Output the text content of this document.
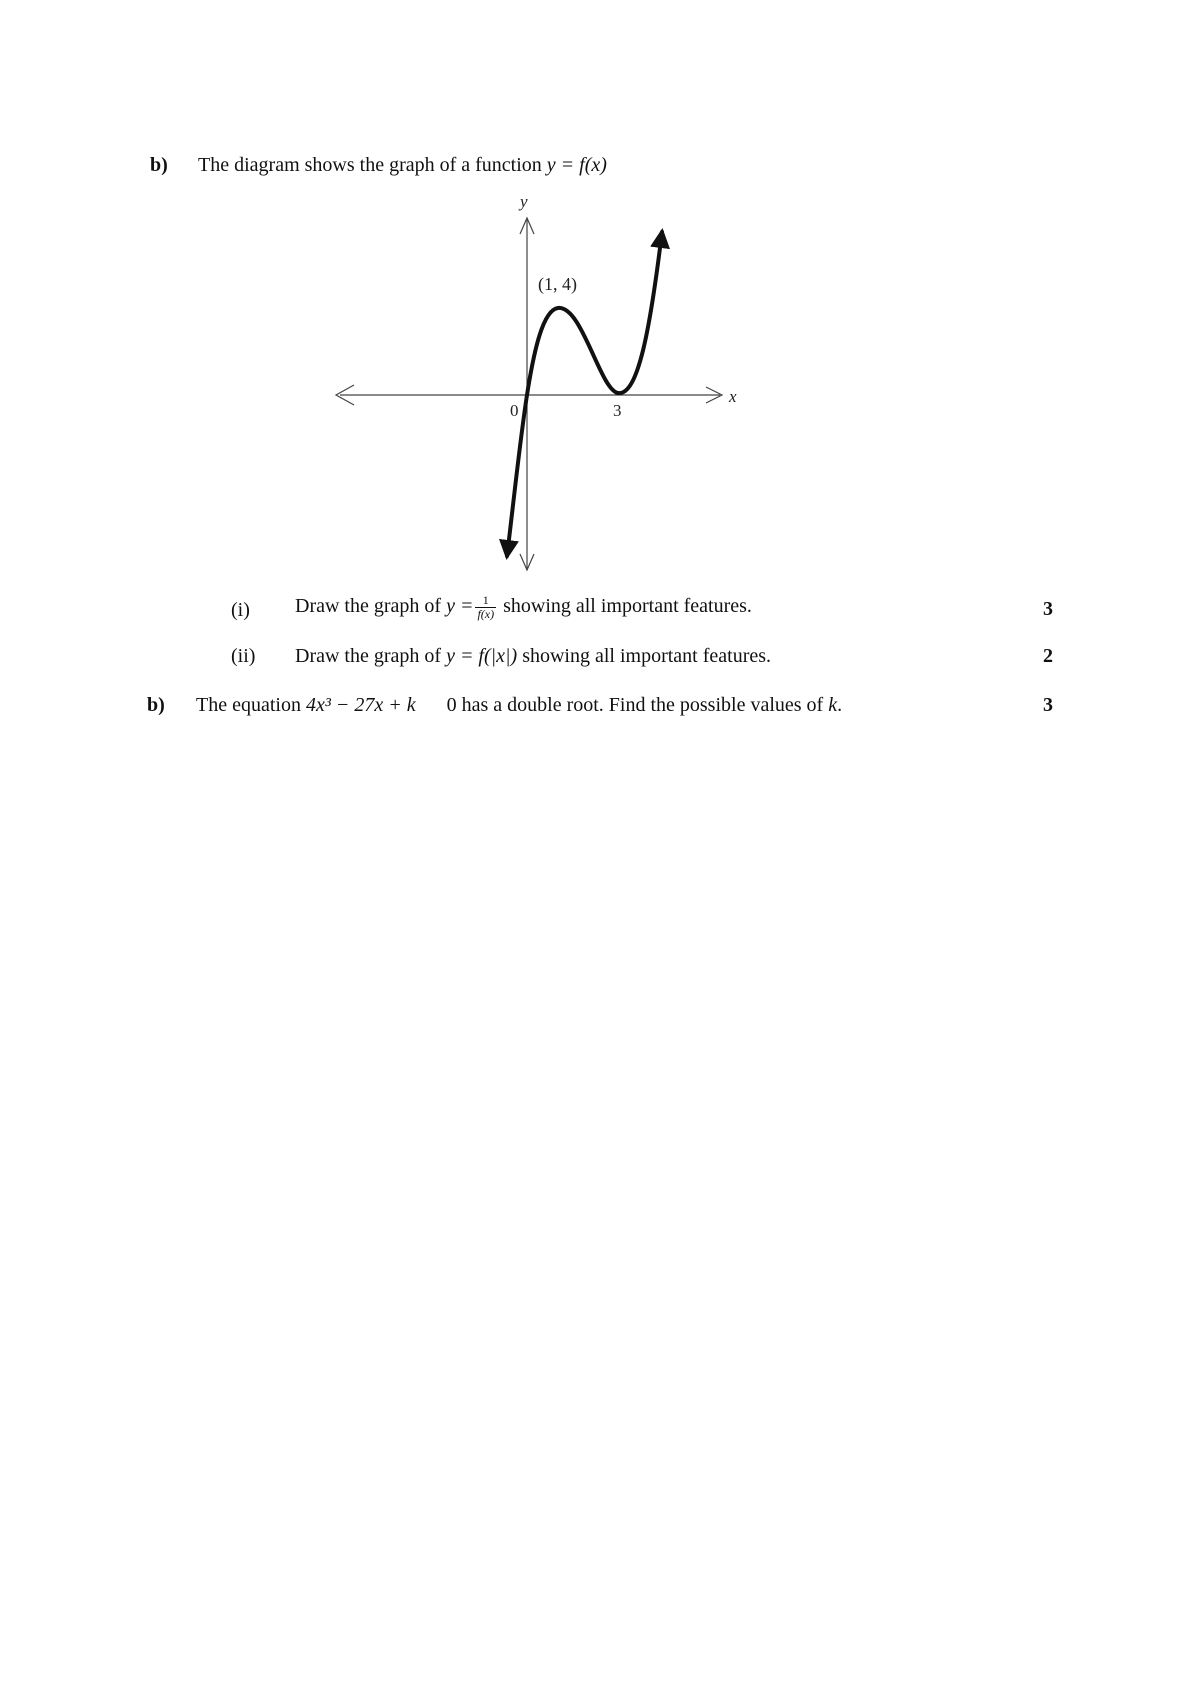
b) The diagram shows the graph of a function y = f(x)
x
y
(1, 4)
0	3
(i) Draw the graph of $y = \frac{1}{f(x)}$ showing all important features.	3
(ii) Draw the graph of y = f(|x|) showing all important features.	2
b) The equation 4x³ − 27x + k 0 has a double root. Find the possible values of k.	3
